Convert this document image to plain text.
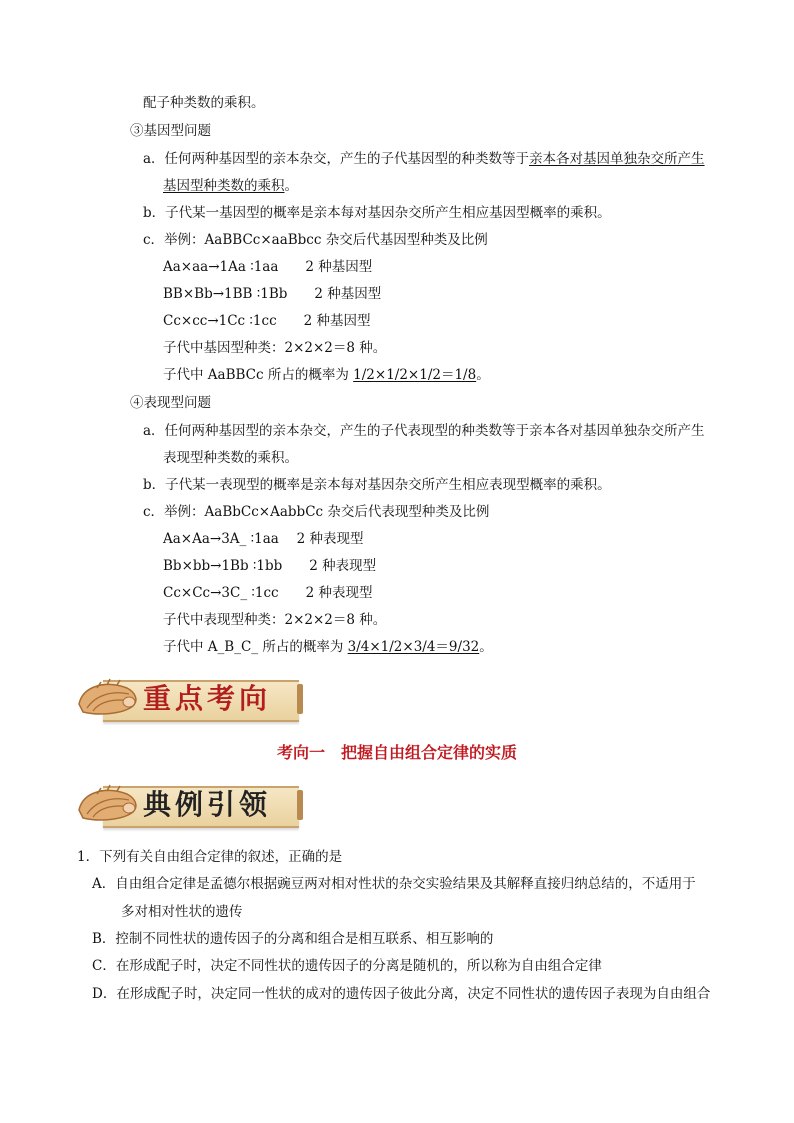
配子种类数的乘积。
③基因型问题
a．任何两种基因型的亲本杂交，产生的子代基因型的种类数等于亲本各对基因单独杂交所产生
基因型种类数的乘积。
b．子代某一基因型的概率是亲本每对基因杂交所产生相应基因型概率的乘积。
c．举例：AaBBCc×aaBbcc 杂交后代基因型种类及比例
Aa×aa→1Aa ∶1aa　　2 种基因型
BB×Bb→1BB ∶1Bb　　2 种基因型
Cc×cc→1Cc ∶1cc　　2 种基因型
子代中基因型种类：2×2×2＝8 种。
子代中 AaBBCc 所占的概率为 1/2×1/2×1/2＝1/8。
④表现型问题
a．任何两种基因型的亲本杂交，产生的子代表现型的种类数等于亲本各对基因单独杂交所产生
表现型种类数的乘积。
b．子代某一表现型的概率是亲本每对基因杂交所产生相应表现型概率的乘积。
c．举例：AaBbCc×AabbCc 杂交后代表现型种类及比例
Aa×Aa→3A_ ∶1aa　 2 种表现型
Bb×bb→1Bb ∶1bb　　2 种表现型
Cc×Cc→3C_ ∶1cc　　2 种表现型
子代中表现型种类：2×2×2＝8 种。
子代中 A_B_C_ 所占的概率为 3/4×1/2×3/4＝9/32。
重点考向
考向一　把握自由组合定律的实质
典例引领
1．下列有关自由组合定律的叙述，正确的是
A．自由组合定律是孟德尔根据豌豆两对相对性状的杂交实验结果及其解释直接归纳总结的，不适用于
多对相对性状的遗传
B．控制不同性状的遗传因子的分离和组合是相互联系、相互影响的
C．在形成配子时，决定不同性状的遗传因子的分离是随机的，所以称为自由组合定律
D．在形成配子时，决定同一性状的成对的遗传因子彼此分离，决定不同性状的遗传因子表现为自由组合
